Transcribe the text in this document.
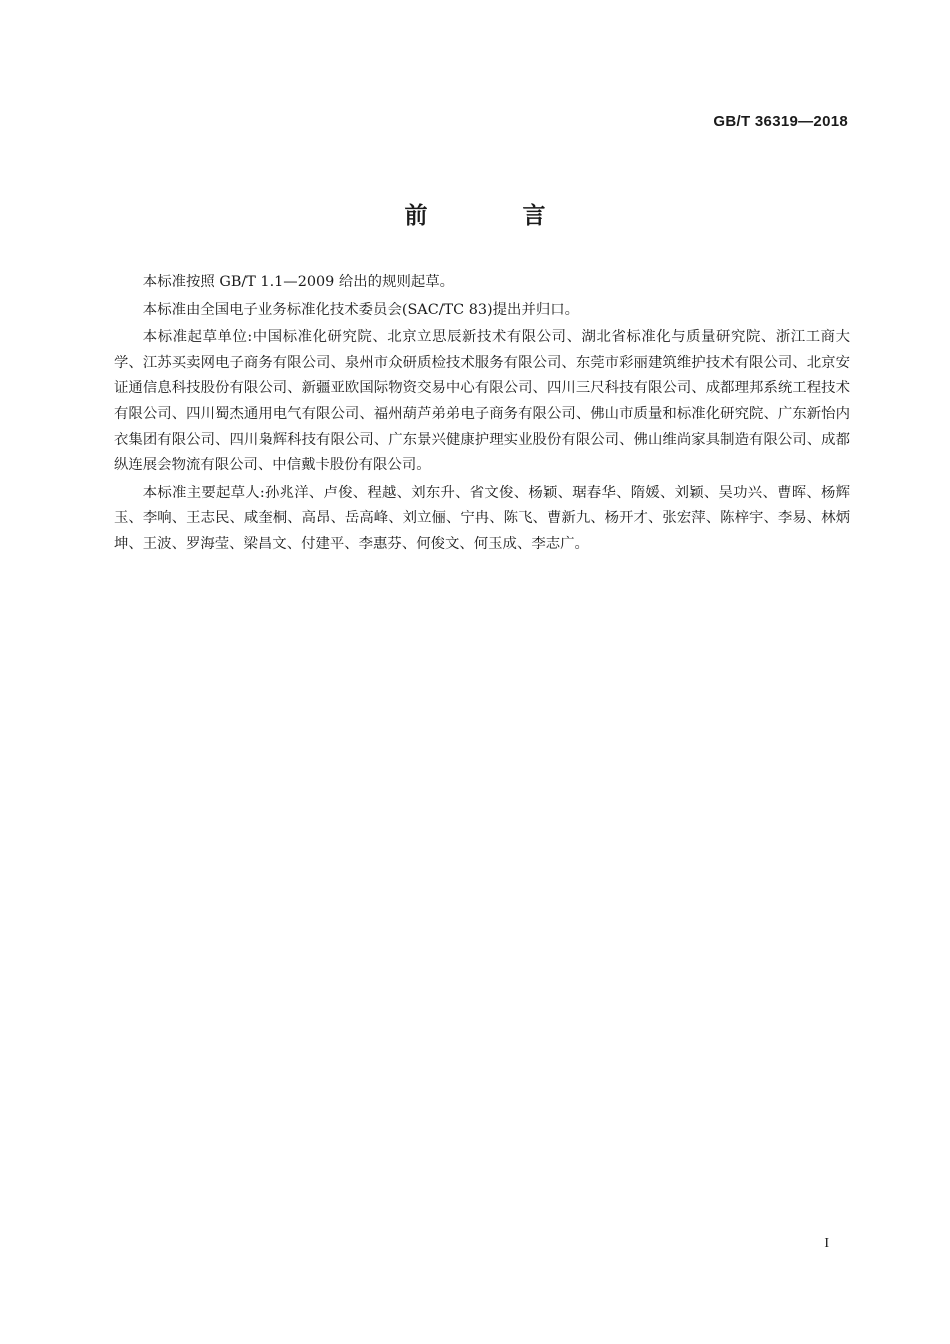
GB/T 36319—2018
前　言

本标准按照 GB/T 1.1—2009 给出的规则起草。

本标准由全国电子业务标准化技术委员会(SAC/TC 83)提出并归口。

本标准起草单位:中国标准化研究院、北京立思辰新技术有限公司、湖北省标准化与质量研究院、浙江工商大学、江苏买卖网电子商务有限公司、泉州市众研质检技术服务有限公司、东莞市彩丽建筑维护技术有限公司、北京安证通信息科技股份有限公司、新疆亚欧国际物资交易中心有限公司、四川三尺科技有限公司、成都理邦系统工程技术有限公司、四川蜀杰通用电气有限公司、福州葫芦弟弟电子商务有限公司、佛山市质量和标准化研究院、广东新怡内衣集团有限公司、四川枭辉科技有限公司、广东景兴健康护理实业股份有限公司、佛山维尚家具制造有限公司、成都纵连展会物流有限公司、中信戴卡股份有限公司。

本标准主要起草人:孙兆洋、卢俊、程越、刘东升、省文俊、杨颖、琚春华、隋媛、刘颖、吴功兴、曹晖、杨辉玉、李响、王志民、咸奎桐、高昂、岳高峰、刘立俪、宁冉、陈飞、曹新九、杨开才、张宏萍、陈梓宇、李易、林炳坤、王波、罗海莹、梁昌文、付建平、李惠芬、何俊文、何玉成、李志广。

I
